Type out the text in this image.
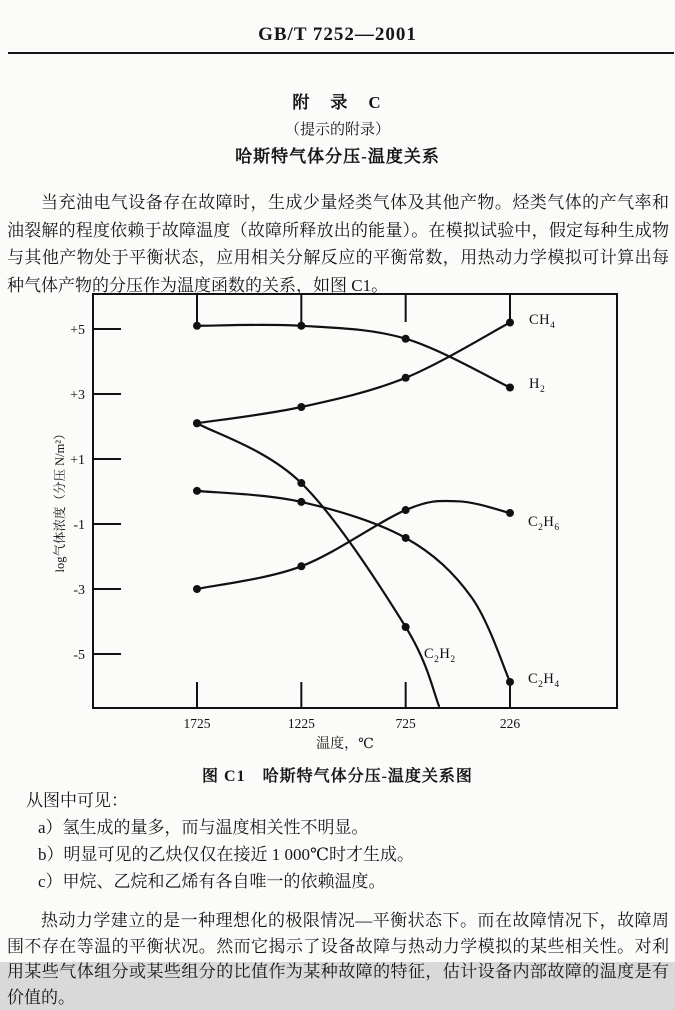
GB/T 7252—2001
附　录　C
（提示的附录）
哈斯特气体分压-温度关系

当充油电气设备存在故障时，生成少量烃类气体及其他产物。烃类气体的产气率和油裂解的程度依赖于故障温度（故障所释放出的能量）。在模拟试验中，假定每种生成物与其他产物处于平衡状态，应用相关分解反应的平衡常数，用热动力学模拟可计算出每种气体产物的分压作为温度函数的关系，如图 C1。

1725	1225	725	226
+5
+3
+1
-1
-3
-5
温度，℃
log气体浓度（分压 N/m²）
$H_2$
$CH_4$
$C_2H_6$
$C_2H_2$
$C_2H_4$
图 C1　哈斯特气体分压-温度关系图
从图中可见：
a）氢生成的量多，而与温度相关性不明显。
b）明显可见的乙炔仅仅在接近 1 000℃时才生成。
c）甲烷、乙烷和乙烯有各自唯一的依赖温度。

热动力学建立的是一种理想化的极限情况—平衡状态下。而在故障情况下，故障周围不存在等温的平衡状况。然而它揭示了设备故障与热动力学模拟的某些相关性。对利用某些气体组分或某些组分的比值作为某种故障的特征，估计设备内部故障的温度是有价值的。
